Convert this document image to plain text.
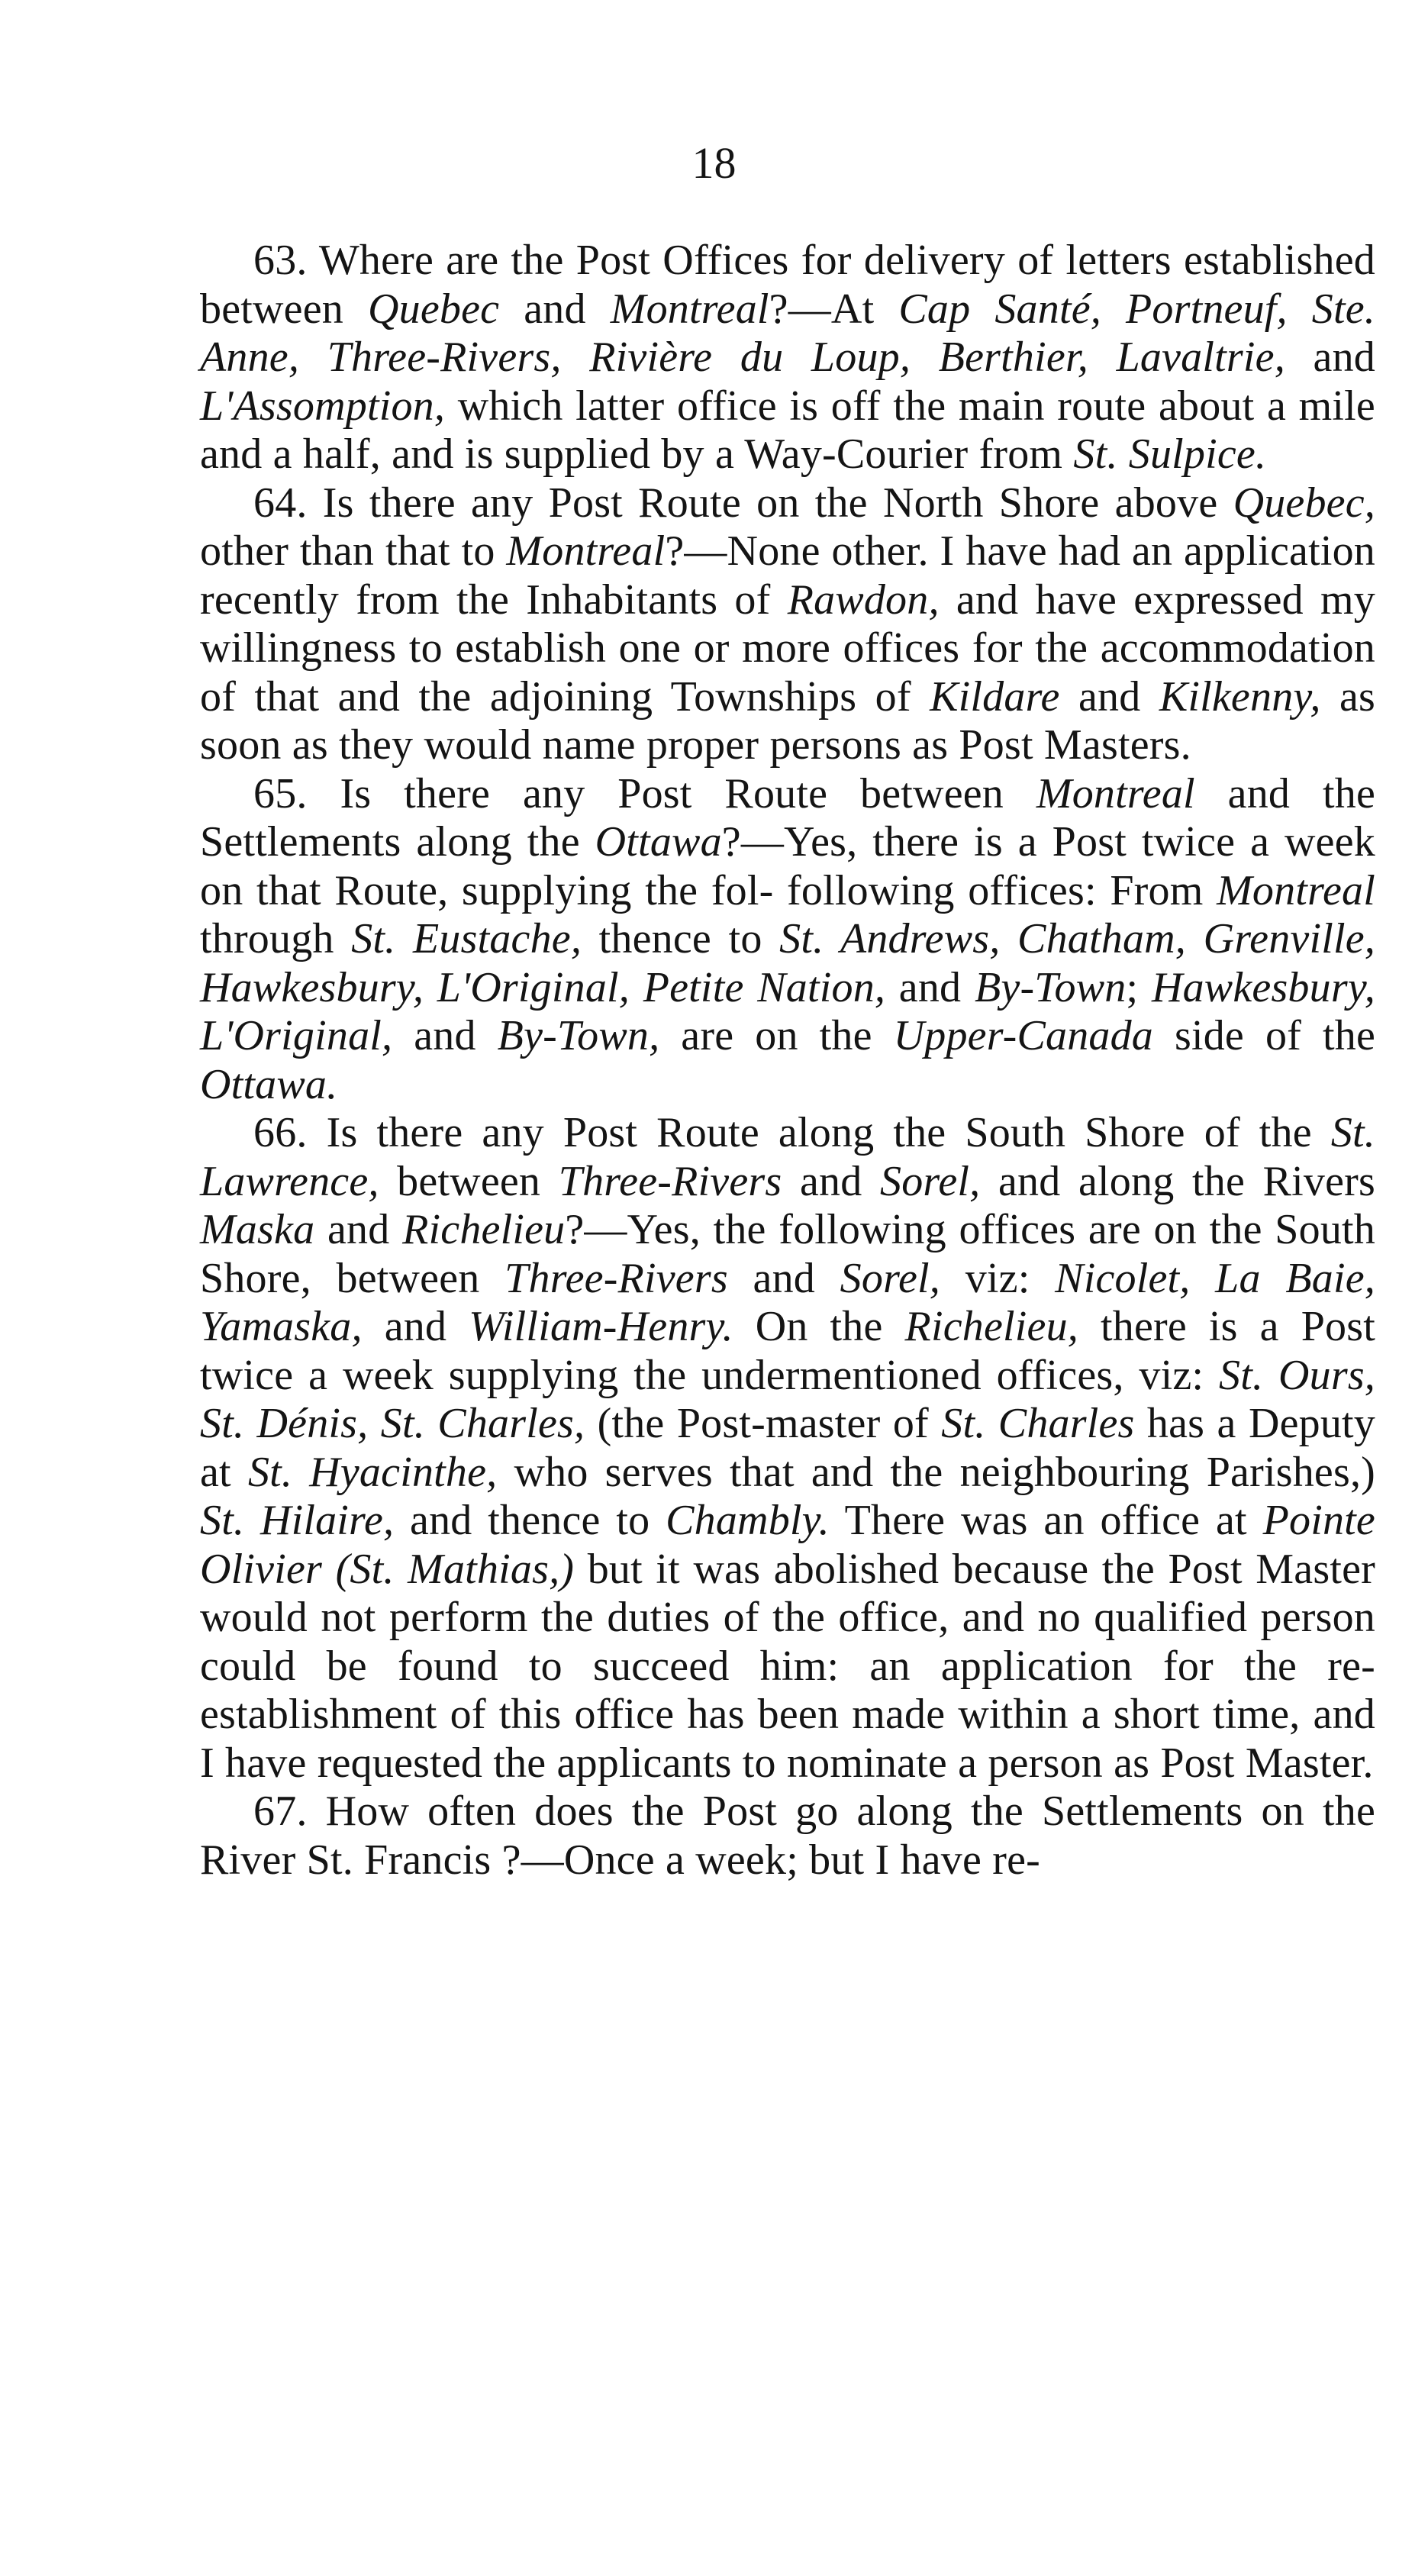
18

63. Where are the Post Offices for delivery of letters established between Quebec and Montreal?—At Cap Santé, Portneuf, Ste. Anne, Three-Rivers, Rivière du Loup, Berthier, Lavaltrie, and L'Assomption, which latter office is off the main route about a mile and a half, and is supplied by a Way-Courier from St. Sulpice.

64. Is there any Post Route on the North Shore above Quebec, other than that to Montreal?—None other. I have had an application recently from the Inhabitants of Rawdon, and have expressed my willingness to establish one or more offices for the accommodation of that and the adjoining Townships of Kildare and Kilkenny, as soon as they would name proper persons as Post Masters.

65. Is there any Post Route between Montreal and the Settlements along the Ottawa?—Yes, there is a Post twice a week on that Route, supplying the fol- following offices: From Montreal through St. Eustache, thence to St. Andrews, Chatham, Grenville, Hawkesbury, L'Original, Petite Nation, and By-Town; Hawkesbury, L'Original, and By-Town, are on the Upper-Canada side of the Ottawa.

66. Is there any Post Route along the South Shore of the St. Lawrence, between Three-Rivers and Sorel, and along the Rivers Maska and Richelieu?—Yes, the following offices are on the South Shore, between Three-Rivers and Sorel, viz: Nicolet, La Baie, Yamaska, and William-Henry. On the Richelieu, there is a Post twice a week supplying the undermentioned offices, viz: St. Ours, St. Dénis, St. Charles, (the Post-master of St. Charles has a Deputy at St. Hyacinthe, who serves that and the neighbouring Parishes,) St. Hilaire, and thence to Chambly. There was an office at Pointe Olivier (St. Mathias,) but it was abolished because the Post Master would not perform the duties of the office, and no qualified person could be found to succeed him: an application for the re-establishment of this office has been made within a short time, and I have requested the applicants to nominate a person as Post Master.

67. How often does the Post go along the Settlements on the River St. Francis ?—Once a week; but I have re-
